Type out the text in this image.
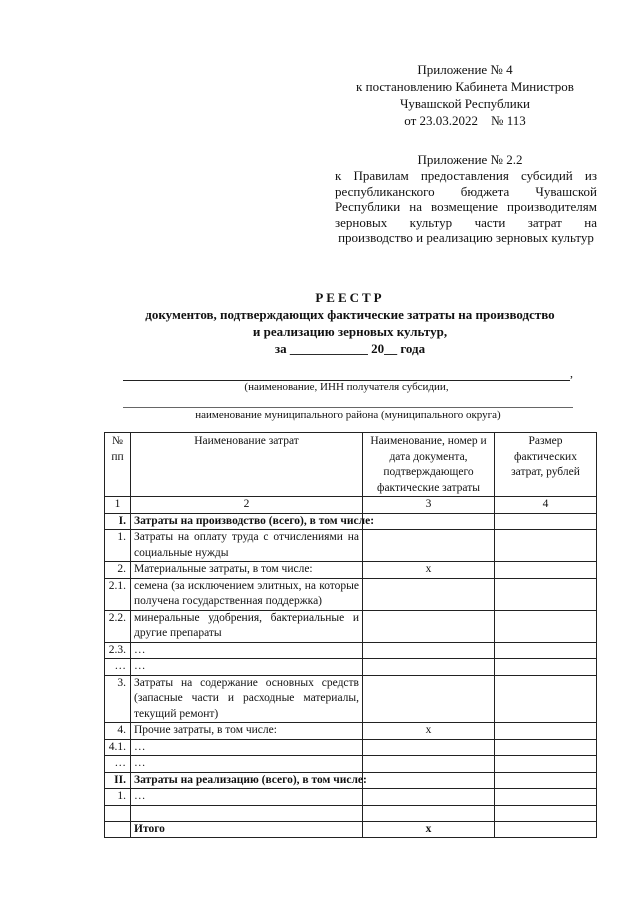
Приложение № 4
к постановлению Кабинета Министров
Чувашской Республики
от 23.03.2022    № 113
Приложение № 2.2
к Правилам предоставления субсидий из республиканского бюджета Чувашской Республики на возмещение производителям зерновых культур части затрат на производство и реализацию зерновых культур
РЕЕСТР
документов, подтверждающих фактические затраты на производство
и реализацию зерновых культур,
за ____________ 20__ года
,
(наименование, ИНН получателя субсидии,
наименование муниципального района (муниципального округа)
№ пп	Наименование затрат	Наименование, номер и дата документа, подтверждающего фактические затраты	Размер фактических затрат, рублей
1	2	3	4
I.	Затраты на производство (всего), в том числе:		
1.	Затраты на оплату труда с отчислениями на социальные нужды		
2.	Материальные затраты, в том числе:	x	
2.1.	семена (за исключением элитных, на которые получена государственная поддержка)		
2.2.	минеральные удобрения, бактериальные и другие препараты		
2.3.	…		
…	…		
3.	Затраты на содержание основных средств (запасные части и расходные материалы, текущий ремонт)		
4.	Прочие затраты, в том числе:	x	
4.1.	…		
…	…		
II.	Затраты на реализацию (всего), в том числе:		
1.	…		

	Итого	x	
